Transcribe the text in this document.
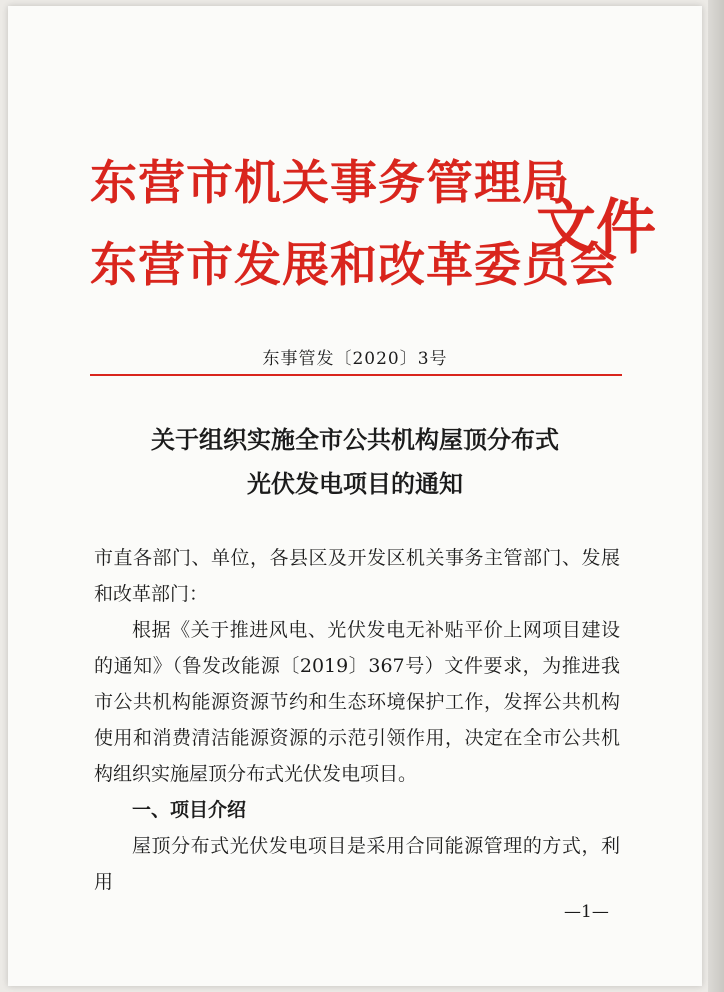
东营市机关事务管理局
东营市发展和改革委员会
文件
东事管发〔2020〕3号
关于组织实施全市公共机构屋顶分布式
光伏发电项目的通知

市直各部门、单位，各县区及开发区机关事务主管部门、发展和改革部门：

根据《关于推进风电、光伏发电无补贴平价上网项目建设的通知》（鲁发改能源〔2019〕367号）文件要求，为推进我市公共机构能源资源节约和生态环境保护工作，发挥公共机构使用和消费清洁能源资源的示范引领作用，决定在全市公共机构组织实施屋顶分布式光伏发电项目。

一、项目介绍

屋顶分布式光伏发电项目是采用合同能源管理的方式，利用

—1—
